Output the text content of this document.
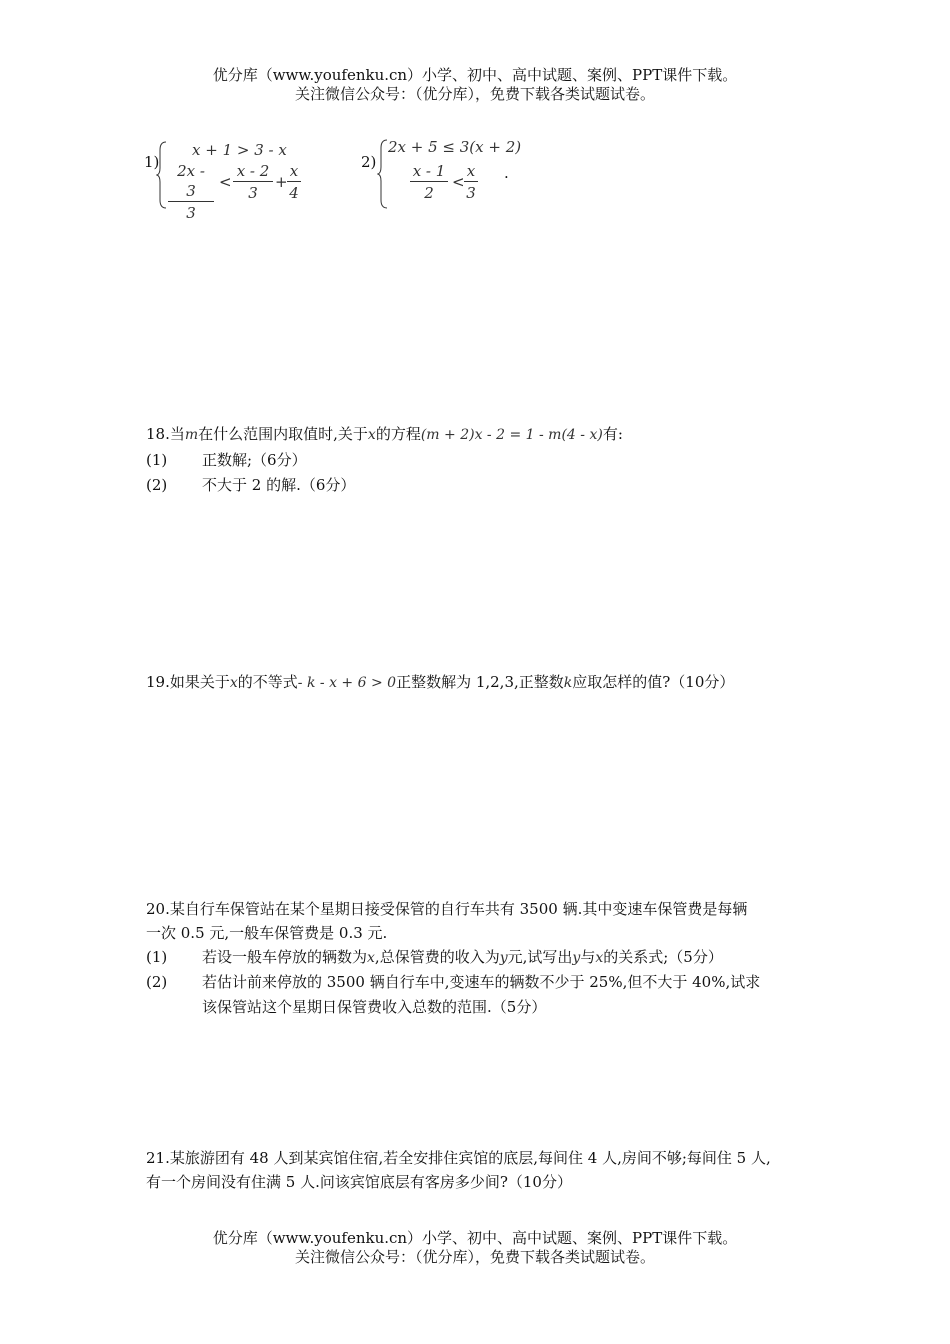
优分库（www.youfenku.cn）小学、初中、高中试题、案例、PPT课件下载。
关注微信公众号：（优分库），免费下载各类试题试卷。
1)
x + 1 > 3 - x
$\frac{2x - 3}{3} < \frac{x - 2}{3} + \frac{x}{4}$	2)
2x + 5 ≤ 3(x + 2)
$\frac{x - 1}{2} < \frac{x}{3}$ .
18.当m在什么范围内取值时,关于x的方程(m + 2)x - 2 = 1 - m(4 - x)有:
(1) 正数解;（6分）
(2) 不大于 2 的解.（6分）
19.如果关于x的不等式- k - x + 6 > 0正整数解为 1,2,3,正整数k应取怎样的值?（10分）
20.某自行车保管站在某个星期日接受保管的自行车共有 3500 辆.其中变速车保管费是每辆
一次 0.5 元,一般车保管费是 0.3 元.
(1) 若设一般车停放的辆数为x,总保管费的收入为y元,试写出y与x的关系式;（5分）
(2) 若估计前来停放的 3500 辆自行车中,变速车的辆数不少于 25%,但不大于 40%,试求
该保管站这个星期日保管费收入总数的范围.（5分）
21.某旅游团有 48 人到某宾馆住宿,若全安排住宾馆的底层,每间住 4 人,房间不够;每间住 5 人,
有一个房间没有住满 5 人.问该宾馆底层有客房多少间?（10分）
优分库（www.youfenku.cn）小学、初中、高中试题、案例、PPT课件下载。
关注微信公众号：（优分库），免费下载各类试题试卷。
